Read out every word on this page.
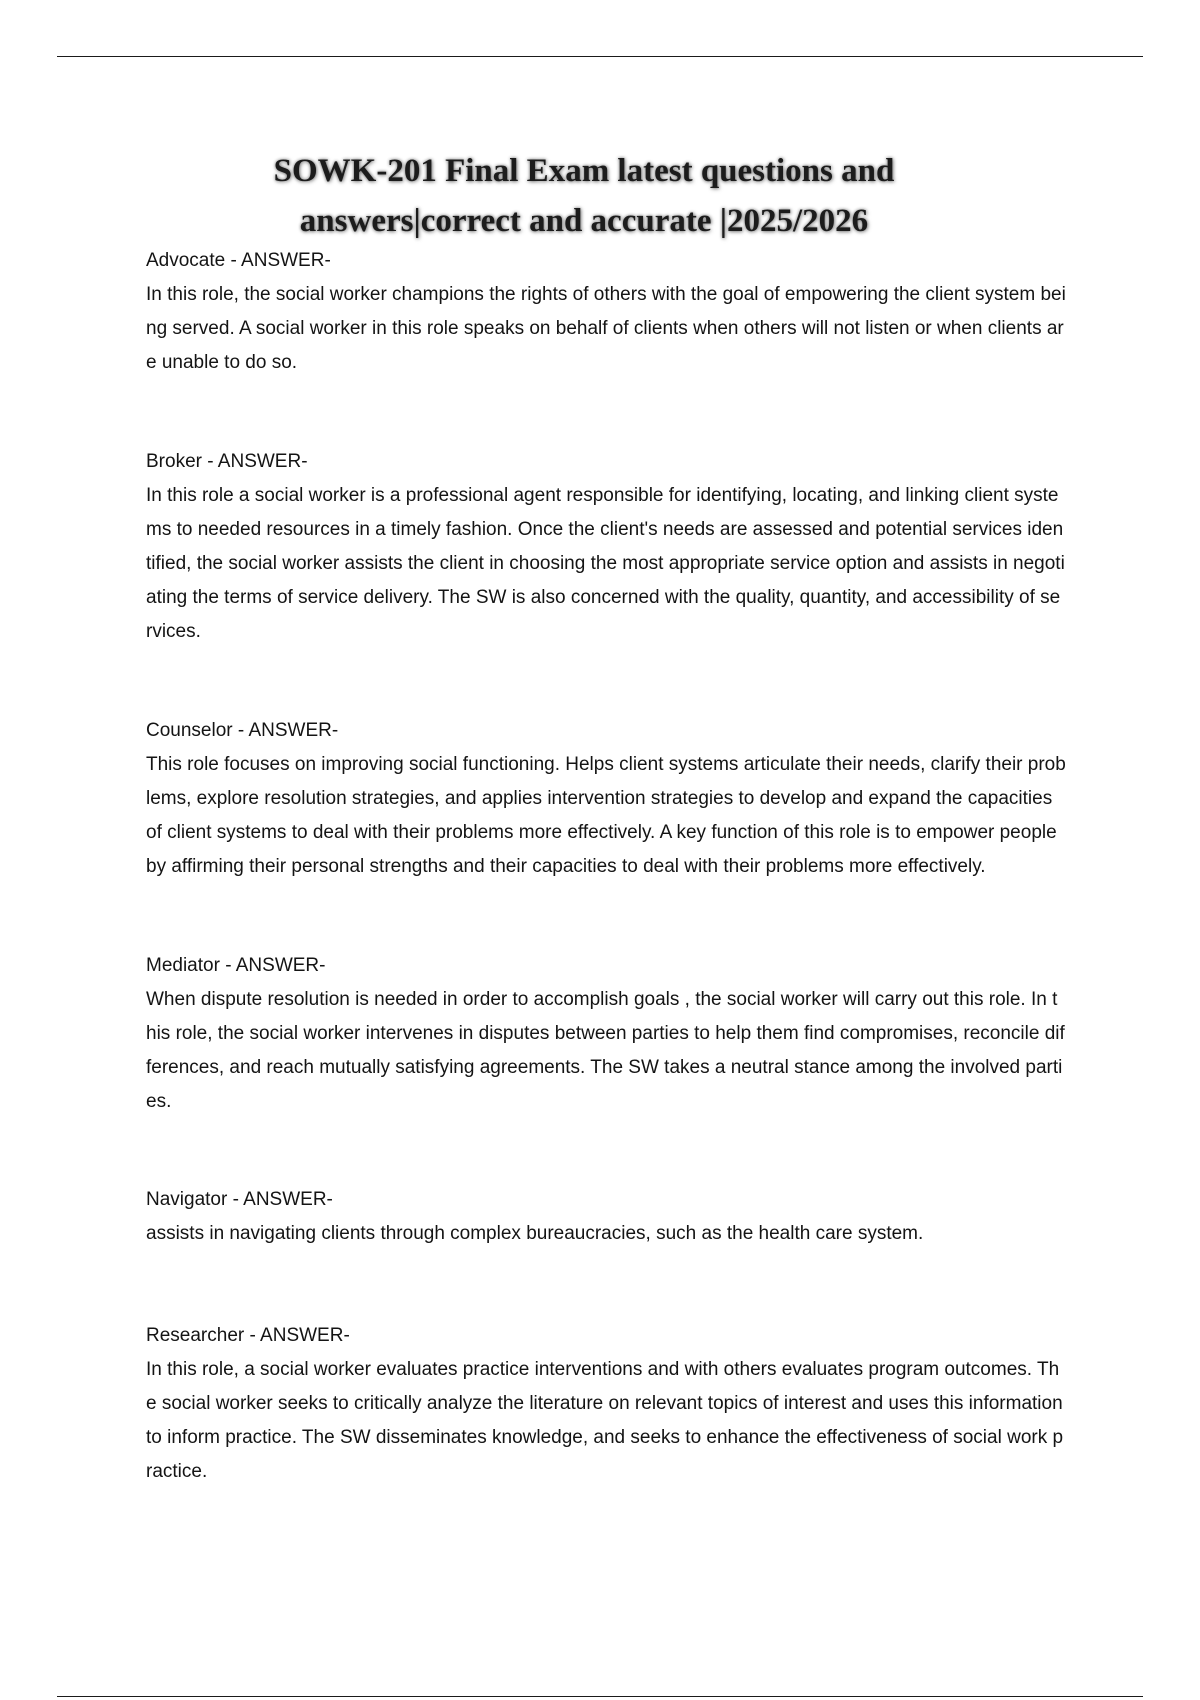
SOWK-201 Final Exam latest questions and
answers|correct and accurate |2025/2026

Advocate - ANSWER-

In this role, the social worker champions the rights of others with the goal of empowering the client system being served. A social worker in this role speaks on behalf of clients when others will not listen or when clients are unable to do so.

Broker - ANSWER-

In this role a social worker is a professional agent responsible for identifying, locating, and linking client systems to needed resources in a timely fashion. Once the client's needs are assessed and potential services identified, the social worker assists the client in choosing the most appropriate service option and assists in negotiating the terms of service delivery. The SW is also concerned with the quality, quantity, and accessibility of services.

Counselor - ANSWER-

This role focuses on improving social functioning. Helps client systems articulate their needs, clarify their problems, explore resolution strategies, and applies intervention strategies to develop and expand the capacities of client systems to deal with their problems more effectively. A key function of this role is to empower people by affirming their personal strengths and their capacities to deal with their problems more effectively.

Mediator - ANSWER-

When dispute resolution is needed in order to accomplish goals , the social worker will carry out this role. In this role, the social worker intervenes in disputes between parties to help them find compromises, reconcile differences, and reach mutually satisfying agreements. The SW takes a neutral stance among the involved parties.

Navigator - ANSWER-

assists in navigating clients through complex bureaucracies, such as the health care system.

Researcher - ANSWER-

In this role, a social worker evaluates practice interventions and with others evaluates program outcomes. The social worker seeks to critically analyze the literature on relevant topics of interest and uses this information to inform practice. The SW disseminates knowledge, and seeks to enhance the effectiveness of social work practice.
